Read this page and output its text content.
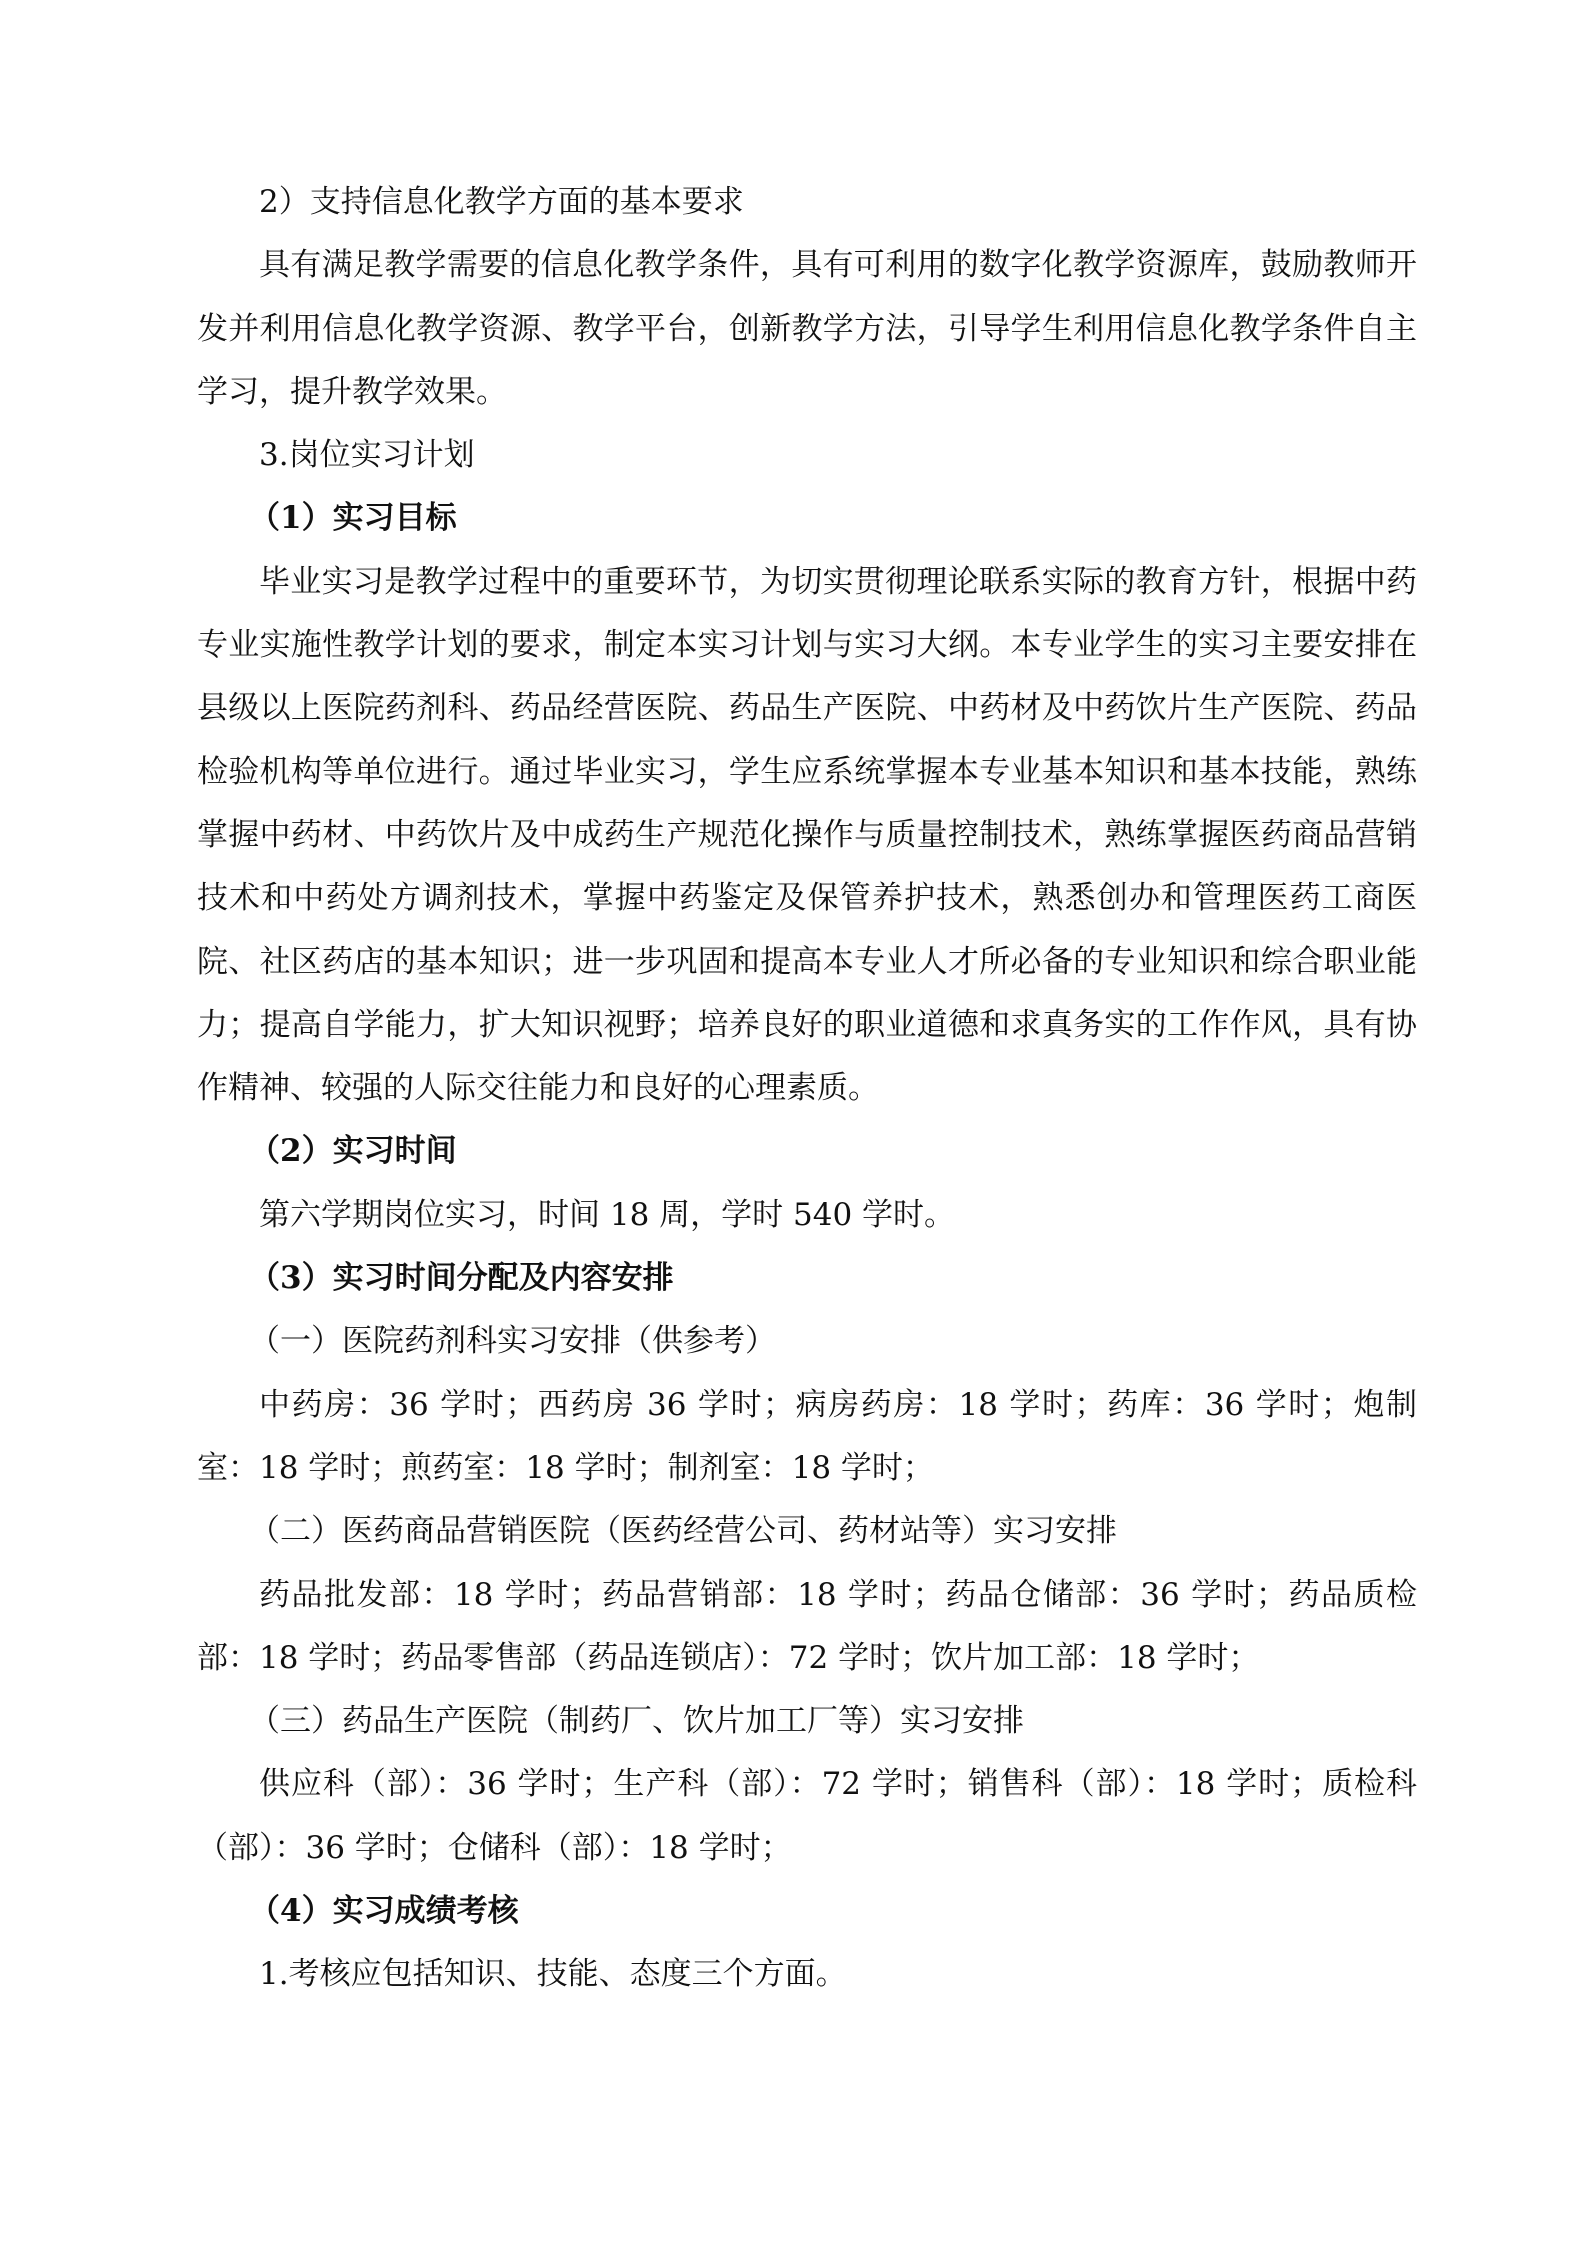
2）支持信息化教学方面的基本要求

具有满足教学需要的信息化教学条件，具有可利用的数字化教学资源库，鼓励教师开发并利用信息化教学资源、教学平台，创新教学方法，引导学生利用信息化教学条件自主学习，提升教学效果。

3.岗位实习计划

（1）实习目标

毕业实习是教学过程中的重要环节，为切实贯彻理论联系实际的教育方针，根据中药专业实施性教学计划的要求，制定本实习计划与实习大纲。本专业学生的实习主要安排在县级以上医院药剂科、药品经营医院、药品生产医院、中药材及中药饮片生产医院、药品检验机构等单位进行。通过毕业实习，学生应系统掌握本专业基本知识和基本技能，熟练掌握中药材、中药饮片及中成药生产规范化操作与质量控制技术，熟练掌握医药商品营销技术和中药处方调剂技术，掌握中药鉴定及保管养护技术，熟悉创办和管理医药工商医院、社区药店的基本知识；进一步巩固和提高本专业人才所必备的专业知识和综合职业能力；提高自学能力，扩大知识视野；培养良好的职业道德和求真务实的工作作风，具有协作精神、较强的人际交往能力和良好的心理素质。

（2）实习时间

第六学期岗位实习，时间 18 周，学时 540 学时。

（3）实习时间分配及内容安排

（一）医院药剂科实习安排（供参考）

中药房：36 学时；西药房 36 学时；病房药房：18 学时；药库：36 学时；炮制室：18 学时；煎药室：18 学时；制剂室：18 学时；

（二）医药商品营销医院（医药经营公司、药材站等）实习安排

药品批发部：18 学时；药品营销部：18 学时；药品仓储部：36 学时；药品质检部：18 学时；药品零售部（药品连锁店）：72 学时；饮片加工部：18 学时；

（三）药品生产医院（制药厂、饮片加工厂等）实习安排

供应科（部）：36 学时；生产科（部）：72 学时；销售科（部）：18 学时；质检科（部）：36 学时；仓储科（部）：18 学时；

（4）实习成绩考核

1.考核应包括知识、技能、态度三个方面。
